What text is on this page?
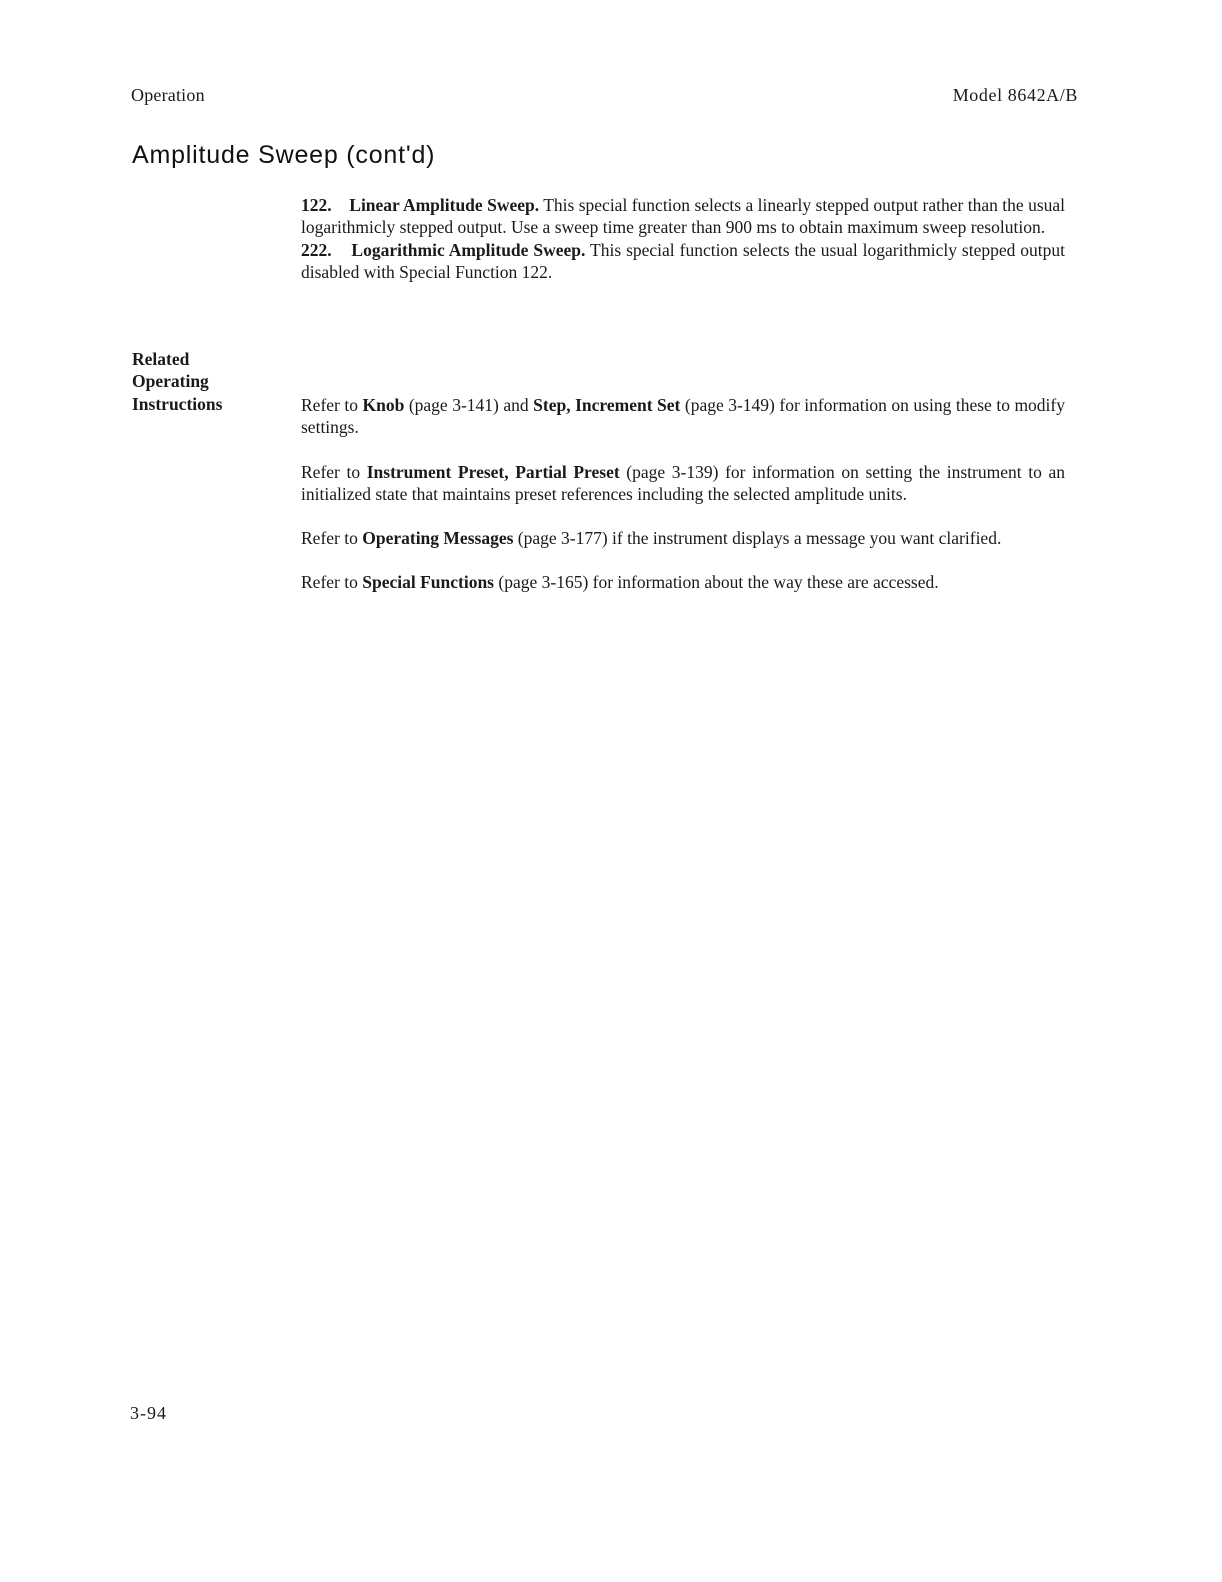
Operation	Model 8642A/B
Amplitude Sweep (cont'd)

122. Linear Amplitude Sweep. This special function selects a linearly stepped output rather than the usual logarithmicly stepped output. Use a sweep time greater than 900 ms to obtain maximum sweep resolution.

222. Logarithmic Amplitude Sweep. This special function selects the usual logarithmicly stepped output disabled with Special Function 122.

Related
Operating
Instructions	Refer to Knob (page 3-141) and Step, Increment Set (page 3-149) for information on using these to modify settings.

Refer to Instrument Preset, Partial Preset (page 3-139) for information on setting the instrument to an initialized state that maintains preset references including the selected amplitude units.

Refer to Operating Messages (page 3-177) if the instrument displays a message you want clarified.

Refer to Special Functions (page 3-165) for information about the way these are accessed.

3-94
